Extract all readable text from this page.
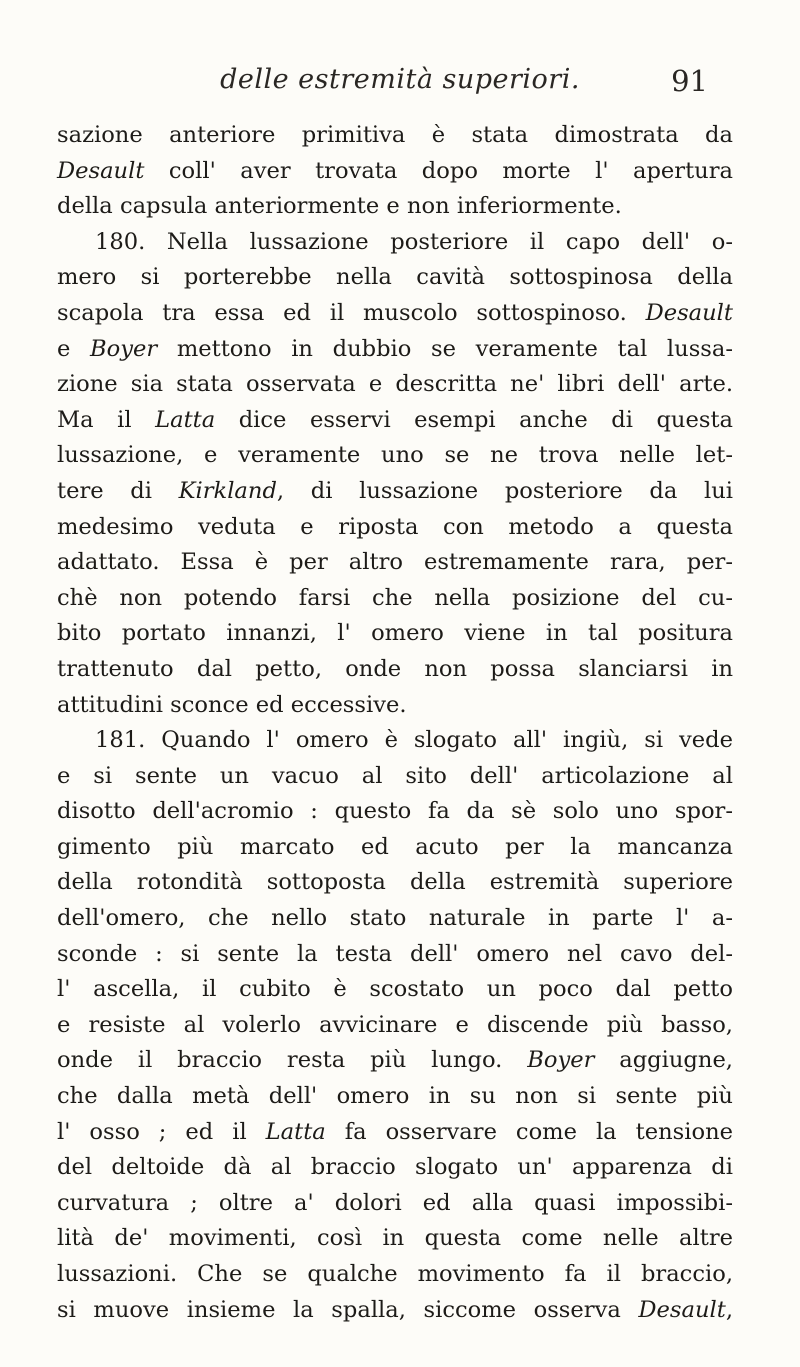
delle estremità superiori.	91
sazione anteriore primitiva è stata dimostrata da
Desault coll' aver trovata dopo morte l' apertura
della capsula anteriormente e non inferiormente.
180. Nella lussazione posteriore il capo dell' o-
mero si porterebbe nella cavità sottospinosa della
scapola tra essa ed il muscolo sottospinoso. Desault
e Boyer mettono in dubbio se veramente tal lussa-
zione sia stata osservata e descritta ne' libri dell' arte.
Ma il Latta dice esservi esempi anche di questa
lussazione, e veramente uno se ne trova nelle let-
tere di Kirkland, di lussazione posteriore da lui
medesimo veduta e riposta con metodo a questa
adattato. Essa è per altro estremamente rara, per-
chè non potendo farsi che nella posizione del cu-
bito portato innanzi, l' omero viene in tal positura
trattenuto dal petto, onde non possa slanciarsi in
attitudini sconce ed eccessive.
181. Quando l' omero è slogato all' ingiù, si vede
e si sente un vacuo al sito dell' articolazione al
disotto dell'acromio : questo fa da sè solo uno spor-
gimento più marcato ed acuto per la mancanza
della rotondità sottoposta della estremità superiore
dell'omero, che nello stato naturale in parte l' a-
sconde : si sente la testa dell' omero nel cavo del-
l' ascella, il cubito è scostato un poco dal petto
e resiste al volerlo avvicinare e discende più basso,
onde il braccio resta più lungo. Boyer aggiugne,
che dalla metà dell' omero in su non si sente più
l' osso ; ed il Latta fa osservare come la tensione
del deltoide dà al braccio slogato un' apparenza di
curvatura ; oltre a' dolori ed alla quasi impossibi-
lità de' movimenti, così in questa come nelle altre
lussazioni. Che se qualche movimento fa il braccio,
si muove insieme la spalla, siccome osserva Desault,
